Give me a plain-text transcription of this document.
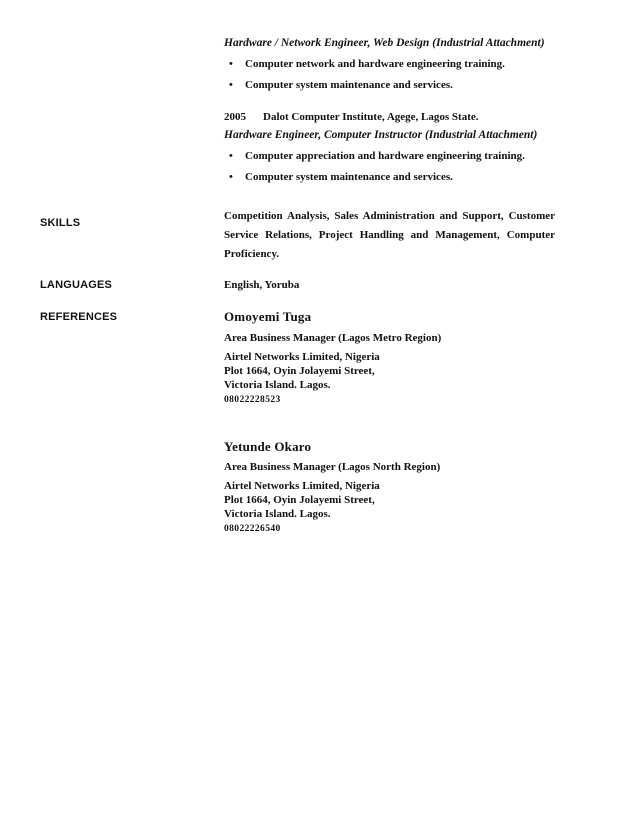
Hardware / Network Engineer, Web Design (Industrial Attachment)
• Computer network and hardware engineering training.
• Computer system maintenance and services.
2005 Dalot Computer Institute, Agege, Lagos State.
Hardware Engineer, Computer Instructor (Industrial Attachment)
• Computer appreciation and hardware engineering training.
• Computer system maintenance and services.
SKILLS
Competition Analysis, Sales Administration and Support, Customer Service Relations, Project Handling and Management, Computer Proficiency.
LANGUAGES	English, Yoruba
REFERENCES	Omoyemi Tuga
Area Business Manager (Lagos Metro Region)
Airtel Networks Limited, Nigeria
Plot 1664, Oyin Jolayemi Street,
Victoria Island. Lagos.
08022228523
Yetunde Okaro
Area Business Manager (Lagos North Region)
Airtel Networks Limited, Nigeria
Plot 1664, Oyin Jolayemi Street,
Victoria Island. Lagos.
08022226540
